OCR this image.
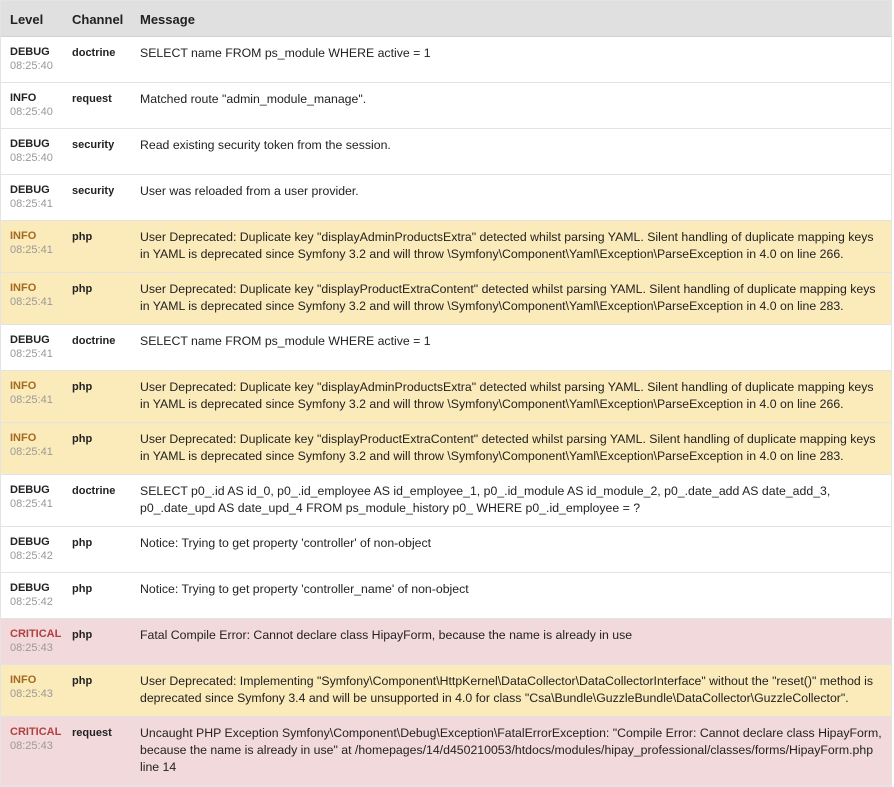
Level	Channel	Message

DEBUG
08:25:40	doctrine	SELECT name FROM ps_module WHERE active = 1

INFO
08:25:40	request	Matched route "admin_module_manage".

DEBUG
08:25:40	security	Read existing security token from the session.

DEBUG
08:25:41	security	User was reloaded from a user provider.

INFO
08:25:41	php	User Deprecated: Duplicate key "displayAdminProductsExtra" detected whilst parsing YAML. Silent handling of duplicate mapping keys in YAML is deprecated since Symfony 3.2 and will throw \Symfony\Component\Yaml\Exception\ParseException in 4.0 on line 266.

INFO
08:25:41	php	User Deprecated: Duplicate key "displayProductExtraContent" detected whilst parsing YAML. Silent handling of duplicate mapping keys in YAML is deprecated since Symfony 3.2 and will throw \Symfony\Component\Yaml\Exception\ParseException in 4.0 on line 283.

DEBUG
08:25:41	doctrine	SELECT name FROM ps_module WHERE active = 1

INFO
08:25:41	php	User Deprecated: Duplicate key "displayAdminProductsExtra" detected whilst parsing YAML. Silent handling of duplicate mapping keys in YAML is deprecated since Symfony 3.2 and will throw \Symfony\Component\Yaml\Exception\ParseException in 4.0 on line 266.

INFO
08:25:41	php	User Deprecated: Duplicate key "displayProductExtraContent" detected whilst parsing YAML. Silent handling of duplicate mapping keys in YAML is deprecated since Symfony 3.2 and will throw \Symfony\Component\Yaml\Exception\ParseException in 4.0 on line 283.

DEBUG
08:25:41	doctrine	SELECT p0_.id AS id_0, p0_.id_employee AS id_employee_1, p0_.id_module AS id_module_2, p0_.date_add AS date_add_3, p0_.date_upd AS date_upd_4 FROM ps_module_history p0_ WHERE p0_.id_employee = ?

DEBUG
08:25:42	php	Notice: Trying to get property 'controller' of non-object

DEBUG
08:25:42	php	Notice: Trying to get property 'controller_name' of non-object

CRITICAL
08:25:43	php	Fatal Compile Error: Cannot declare class HipayForm, because the name is already in use

INFO
08:25:43	php	User Deprecated: Implementing "Symfony\Component\HttpKernel\DataCollector\DataCollectorInterface" without the "reset()" method is deprecated since Symfony 3.4 and will be unsupported in 4.0 for class "Csa\Bundle\GuzzleBundle\DataCollector\GuzzleCollector".

CRITICAL
08:25:43	request	Uncaught PHP Exception Symfony\Component\Debug\Exception\FatalErrorException: "Compile Error: Cannot declare class HipayForm, because the name is already in use" at /homepages/14/d450210053/htdocs/modules/hipay_professional/classes/forms/HipayForm.php line 14
